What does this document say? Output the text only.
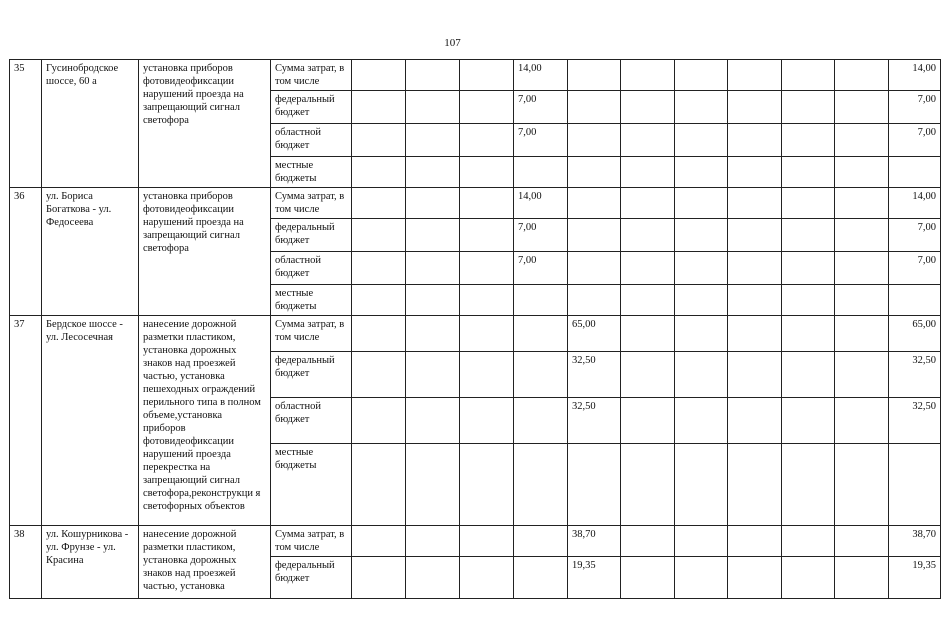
107
35	Гусинобродское шоссе, 60 а	установка приборов фотовидеофиксации нарушений проезда на запрещающий сигнал светофора	Сумма затрат, в том числе				14,00							14,00
			федеральный бюджет				7,00							7,00
			областной бюджет				7,00							7,00
			местные бюджеты											
36	ул. Бориса Богаткова - ул. Федосеева	установка приборов фотовидеофиксации нарушений проезда на запрещающий сигнал светофора	Сумма затрат, в том числе				14,00							14,00
			федеральный бюджет				7,00							7,00
			областной бюджет				7,00							7,00
			местные бюджеты											
37	Бердское шоссе - ул. Лесосечная	нанесение дорожной разметки пластиком, установка дорожных знаков над проезжей частью, установка пешеходных ограждений перильного типа в полном объеме,установка приборов фотовидеофиксации нарушений проезда перекрестка на запрещающий сигнал светофора,реконструкци я светофорных объектов	Сумма затрат, в том числе					65,00						65,00
			федеральный бюджет					32,50						32,50
			областной бюджет					32,50						32,50
			местные бюджеты											
38	ул. Кошурникова - ул. Фрунзе - ул. Красина	нанесение дорожной разметки пластиком, установка дорожных знаков над проезжей частью, установка	Сумма затрат, в том числе					38,70						38,70
			федеральный бюджет					19,35						19,35
